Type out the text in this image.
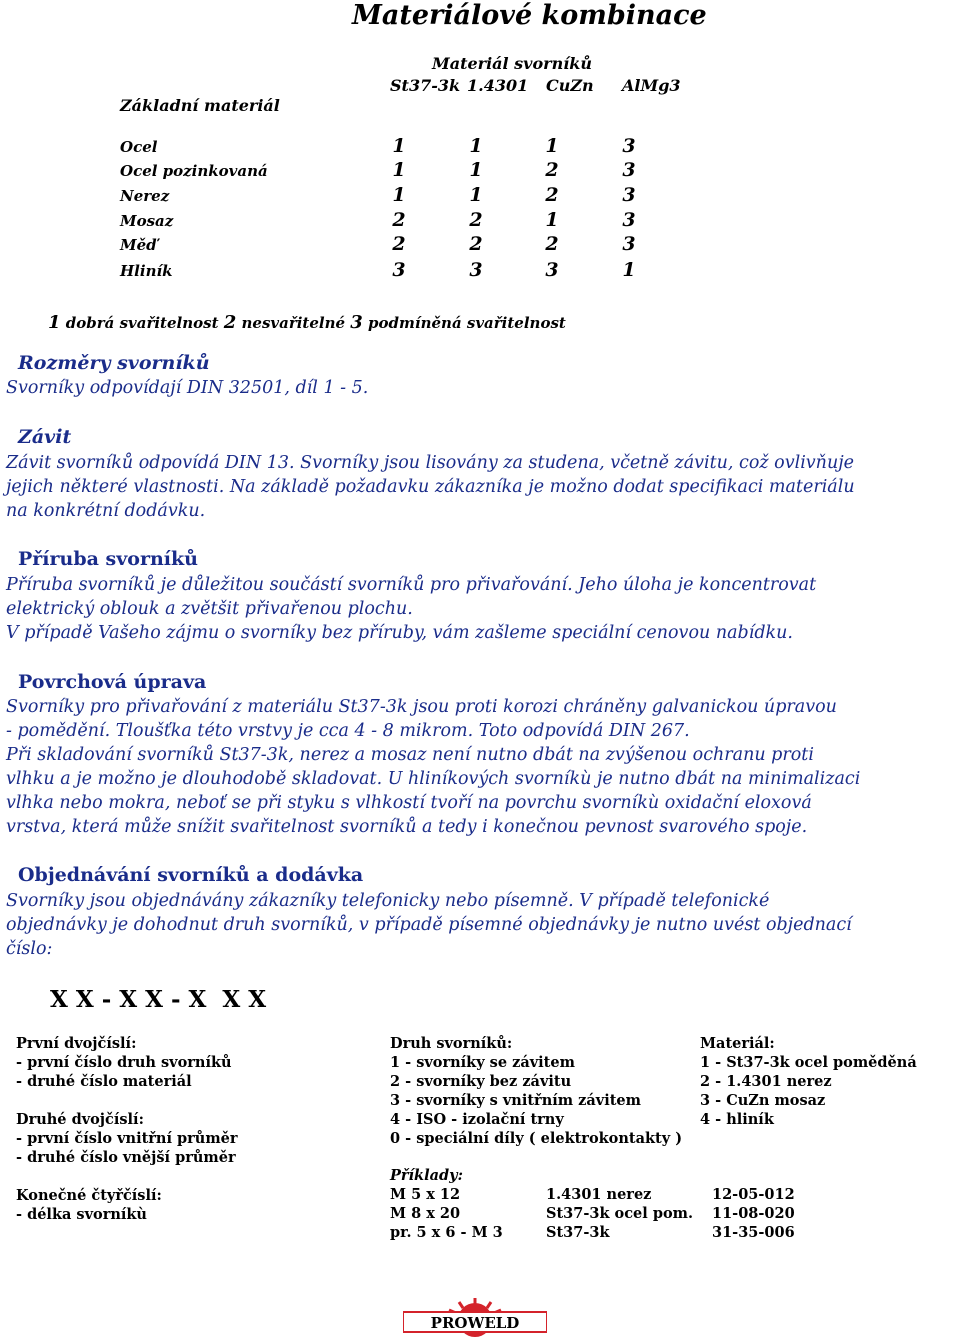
Materiálové kombinace
Materiál svorníků
Základní materiál
St37-3k 1.4301 CuZn AlMg3
Ocel	1	1	1	3
Ocel pozinkovaná	1	1	2	3
Nerez	1	1	2	3
Mosaz	2	2	1	3
Měď	2	2	2	3
Hliník	3	3	3	1
1 dobrá svařitelnost 2 nesvařitelné 3 podmíněná svařitelnost
Rozměry svorníků
Svorníky odpovídají DIN 32501, díl 1 - 5.
Závit
Závit svorníků odpovídá DIN 13. Svorníky jsou lisovány za studena, včetně závitu, což ovlivňuje
jejich některé vlastnosti. Na základě požadavku zákazníka je možno dodat specifikaci materiálu
na konkrétní dodávku.
Příruba svorníků
Příruba svorníků je důležitou součástí svorníků pro přivařování. Jeho úloha je koncentrovat
elektrický oblouk a zvětšit přivařenou plochu.
V případě Vašeho zájmu o svorníky bez příruby, vám zašleme speciální cenovou nabídku.
Povrchová úprava
Svorníky pro přivařování z materiálu St37-3k jsou proti korozi chráněny galvanickou úpravou
- pomědění. Tloušťka této vrstvy je cca 4 - 8 mikrom. Toto odpovídá DIN 267.
Při skladování svorníků St37-3k, nerez a mosaz není nutno dbát na zvýšenou ochranu proti
vlhku a je možno je dlouhodobě skladovat. U hliníkových svorníkù je nutno dbát na minimalizaci
vlhka nebo mokra, neboť se při styku s vlhkostí tvoří na povrchu svorníkù oxidační eloxová
vrstva, která může snížit svařitelnost svorníků a tedy i konečnou pevnost svarového spoje.
Objednávání svorníků a dodávka
Svorníky jsou objednávány zákazníky telefonicky nebo písemně. V případě telefonické
objednávky je dohodnut druh svorníků, v případě písemné objednávky je nutno uvést objednací
číslo:
X X - X X - X  X X
První dvojčíslí:
- první číslo druh svorníků
- druhé číslo materiál
Druhé dvojčíslí:
- první číslo vnitřní průměr
- druhé číslo vnější průměr
Konečné čtyřčíslí:
- délka svorníkù
Druh svorníků:
1 - svorníky se závitem
2 - svorníky bez závitu
3 - svorníky s vnitřním závitem
4 - ISO - izolační trny
0 - speciální díly ( elektrokontakty )
Materiál:
1 - St37-3k ocel poměděná
2 - 1.4301 nerez
3 - CuZn mosaz
4 - hliník
Příklady:
M 5 x 12	1.4301 nerez	12-05-012
M 8 x 20	St37-3k ocel pom. 11-08-020
pr. 5 x 6 - M 3	St37-3k	31-35-006
PROWELD
